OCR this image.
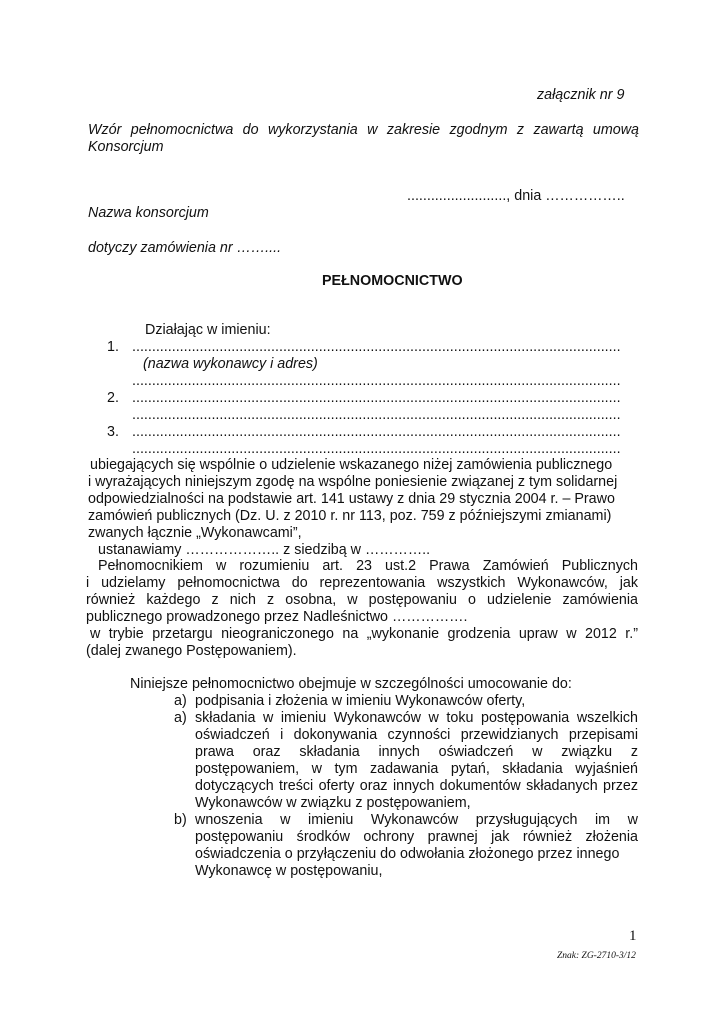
załącznik nr 9
Wzór pełnomocnictwa do wykorzystania w zakresie zgodnym z zawartą umową
Konsorcjum
........................., dnia ……………..
Nazwa konsorcjum
dotyczy zamówienia nr ……....
PEŁNOMOCNICTWO
Działając w imieniu:
1. ...........................................................................................................................
(nazwa wykonawcy i adres)
...........................................................................................................................
2. ...........................................................................................................................
...........................................................................................................................
3. ...........................................................................................................................
...........................................................................................................................
ubiegających się wspólnie o udzielenie wskazanego niżej zamówienia publicznego
i wyrażających niniejszym zgodę na wspólne poniesienie związanej z tym solidarnej
odpowiedzialności na podstawie art. 141 ustawy z dnia 29 stycznia 2004 r. – Prawo
zamówień publicznych (Dz. U. z 2010 r. nr 113, poz. 759 z późniejszymi zmianami)
zwanych łącznie „Wykonawcami”,
ustanawiamy ……………….. z siedzibą w …………..
Pełnomocnikiem w rozumieniu art. 23 ust.2 Prawa Zamówień Publicznych
i udzielamy pełnomocnictwa do reprezentowania wszystkich Wykonawców, jak
również każdego z nich z osobna, w postępowaniu o udzielenie zamówienia
publicznego prowadzonego przez Nadleśnictwo …………….
w trybie przetargu nieograniczonego na „wykonanie grodzenia upraw w 2012 r.”
(dalej zwanego Postępowaniem).
Niniejsze pełnomocnictwo obejmuje w szczególności umocowanie do:
a) podpisania i złożenia w imieniu Wykonawców oferty,
a) składania w imieniu Wykonawców w toku postępowania wszelkich
oświadczeń i dokonywania czynności przewidzianych przepisami
prawa oraz składania innych oświadczeń w związku z
postępowaniem, w tym zadawania pytań, składania wyjaśnień
dotyczących treści oferty oraz innych dokumentów składanych przez
Wykonawców w związku z postępowaniem,
b) wnoszenia w imieniu Wykonawców przysługujących im w
postępowaniu środków ochrony prawnej jak również złożenia
oświadczenia o przyłączeniu do odwołania złożonego przez innego
Wykonawcę w postępowaniu,
1
Znak: ZG-2710-3/12
